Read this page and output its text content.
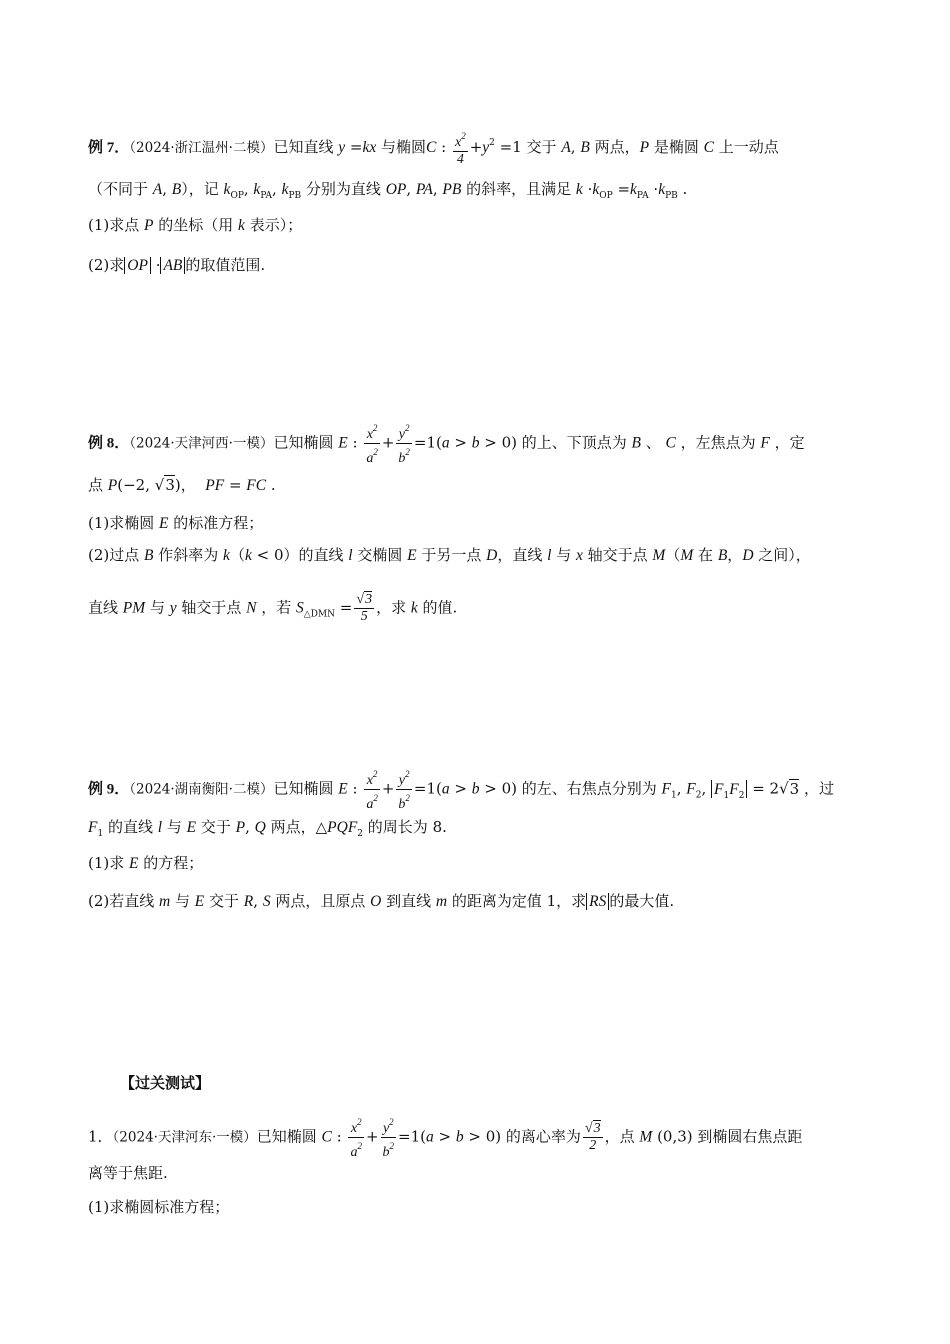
例 7．（2024·浙江温州·二模）已知直线 y =kx 与椭圆C : $\frac{x^2}{4} +y^2 =1$ 交于 A, B 两点，P 是椭圆 C 上一动点
（不同于 A, B），记 $k_{OP}$, $k_{PA}$, $k_{PB}$ 分别为直线 OP, PA, PB 的斜率，且满足 $k \cdot k_{OP} =k_{PA} \cdot k_{PB}$ .
(1)求点 P 的坐标（用 k 表示）；
(2)求 OP · AB 的取值范围.
例 8．（2024·天津河西·一模）已知椭圆 E : $\frac{x^2}{a^2} + \frac{y^2}{b^2} =1(a > b > 0)$ 的上、下顶点为 B 、 C ，左焦点为 F ，定
点 P(−2, √3)，  PF = FC .
(1)求椭圆 E 的标准方程；
(2)过点 B 作斜率为 k（k < 0）的直线 l 交椭圆 E 于另一点 D，直线 l 与 x 轴交于点 M（M 在 B，D 之间），
直线 PM 与 y 轴交于点 N ，若 $S_{\triangle DMN} = \frac{√3}{5}$ ，求 k 的值.
例 9．（2024·湖南衡阳·二模）已知椭圆 E : $\frac{x^2}{a^2} + \frac{y^2}{b^2} =1(a > b > 0)$ 的左、右焦点分别为 $F_1$, $F_2$, $F_1F_2 = 2√3$ ，过
$F_1$ 的直线 l 与 E 交于 P, Q 两点，$\triangle PQF_2$ 的周长为 8.
(1)求 E 的方程；
(2)若直线 m 与 E 交于 R, S 两点，且原点 O 到直线 m 的距离为定值 1，求 RS 的最大值.
【过关测试】
1．（2024·天津河东·一模）已知椭圆 C : $\frac{x^2}{a^2} + \frac{y^2}{b^2} =1(a > b > 0)$ 的离心率为 $\frac{√3}{2}$ ，点 M (0,3) 到椭圆右焦点距
离等于焦距.
(1)求椭圆标准方程；
